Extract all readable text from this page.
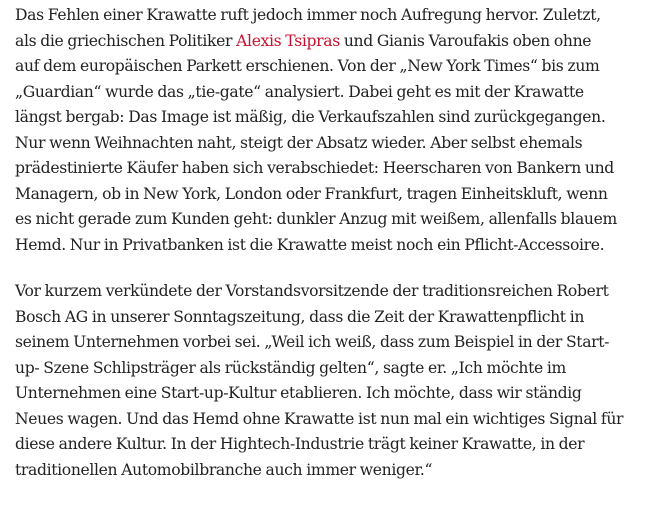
Das Fehlen einer Krawatte ruft jedoch immer noch Aufregung hervor. Zuletzt,
als die griechischen Politiker Alexis Tsipras und Gianis Varoufakis oben ohne
auf dem europäischen Parkett erschienen. Von der „New York Times“ bis zum
„Guardian“ wurde das „tie-gate“ analysiert. Dabei geht es mit der Krawatte
längst bergab: Das Image ist mäßig, die Verkaufszahlen sind zurückgegangen.
Nur wenn Weihnachten naht, steigt der Absatz wieder. Aber selbst ehemals
prädestinierte Käufer haben sich verabschiedet: Heerscharen von Bankern und
Managern, ob in New York, London oder Frankfurt, tragen Einheitskluft, wenn
es nicht gerade zum Kunden geht: dunkler Anzug mit weißem, allenfalls blauem
Hemd. Nur in Privatbanken ist die Krawatte meist noch ein Pflicht-Accessoire.

Vor kurzem verkündete der Vorstandsvorsitzende der traditionsreichen Robert
Bosch AG in unserer Sonntagszeitung, dass die Zeit der Krawattenpflicht in
seinem Unternehmen vorbei sei. „Weil ich weiß, dass zum Beispiel in der Start-
up- Szene Schlipsträger als rückständig gelten“, sagte er. „Ich möchte im
Unternehmen eine Start-up-Kultur etablieren. Ich möchte, dass wir ständig
Neues wagen. Und das Hemd ohne Krawatte ist nun mal ein wichtiges Signal für
diese andere Kultur. In der Hightech-Industrie trägt keiner Krawatte, in der
traditionellen Automobilbranche auch immer weniger.“
